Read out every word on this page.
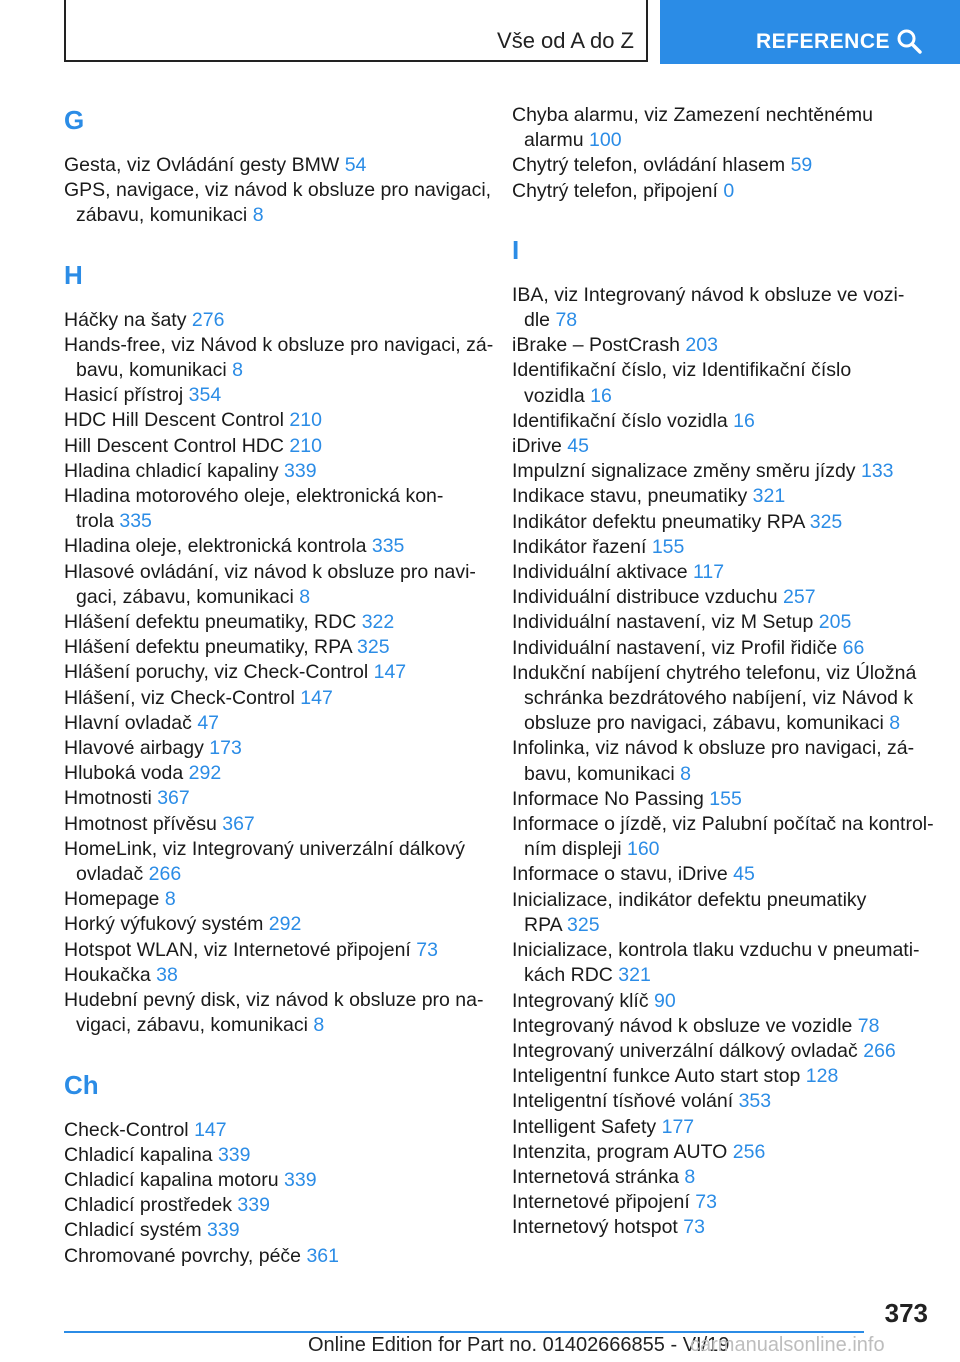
Vše od A do Z	REFERENCE
G
Gesta, viz Ovládání gesty BMW 54
GPS, navigace, viz návod k obsluze pro navigaci,
zábavu, komunikaci 8
H
Háčky na šaty 276
Hands-free, viz Návod k obsluze pro navigaci, zá-
bavu, komunikaci 8
Hasicí přístroj 354
HDC Hill Descent Control 210
Hill Descent Control HDC 210
Hladina chladicí kapaliny 339
Hladina motorového oleje, elektronická kon-
trola 335
Hladina oleje, elektronická kontrola 335
Hlasové ovládání, viz návod k obsluze pro navi-
gaci, zábavu, komunikaci 8
Hlášení defektu pneumatiky, RDC 322
Hlášení defektu pneumatiky, RPA 325
Hlášení poruchy, viz Check-Control 147
Hlášení, viz Check-Control 147
Hlavní ovladač 47
Hlavové airbagy 173
Hluboká voda 292
Hmotnosti 367
Hmotnost přívěsu 367
HomeLink, viz Integrovaný univerzální dálkový
ovladač 266
Homepage 8
Horký výfukový systém 292
Hotspot WLAN, viz Internetové připojení 73
Houkačka 38
Hudební pevný disk, viz návod k obsluze pro na-
vigaci, zábavu, komunikaci 8
Ch
Check-Control 147
Chladicí kapalina 339
Chladicí kapalina motoru 339
Chladicí prostředek 339
Chladicí systém 339
Chromované povrchy, péče 361
Chyba alarmu, viz Zamezení nechtěnému
alarmu 100
Chytrý telefon, ovládání hlasem 59
Chytrý telefon, připojení 0
I
IBA, viz Integrovaný návod k obsluze ve vozi-
dle 78
iBrake – PostCrash 203
Identifikační číslo, viz Identifikační číslo
vozidla 16
Identifikační číslo vozidla 16
iDrive 45
Impulzní signalizace změny směru jízdy 133
Indikace stavu, pneumatiky 321
Indikátor defektu pneumatiky RPA 325
Indikátor řazení 155
Individuální aktivace 117
Individuální distribuce vzduchu 257
Individuální nastavení, viz M Setup 205
Individuální nastavení, viz Profil řidiče 66
Indukční nabíjení chytrého telefonu, viz Úložná
schránka bezdrátového nabíjení, viz Návod k
obsluze pro navigaci, zábavu, komunikaci 8
Infolinka, viz návod k obsluze pro navigaci, zá-
bavu, komunikaci 8
Informace No Passing 155
Informace o jízdě, viz Palubní počítač na kontrol-
ním displeji 160
Informace o stavu, iDrive 45
Inicializace, indikátor defektu pneumatiky
RPA 325
Inicializace, kontrola tlaku vzduchu v pneumati-
kách RDC 321
Integrovaný klíč 90
Integrovaný návod k obsluze ve vozidle 78
Integrovaný univerzální dálkový ovladač 266
Inteligentní funkce Auto start stop 128
Inteligentní tísňové volání 353
Intelligent Safety 177
Intenzita, program AUTO 256
Internetová stránka 8
Internetové připojení 73
Internetový hotspot 73
373
Online Edition for Part no. 01402666855 - VI/19
carmanualsonline.info
